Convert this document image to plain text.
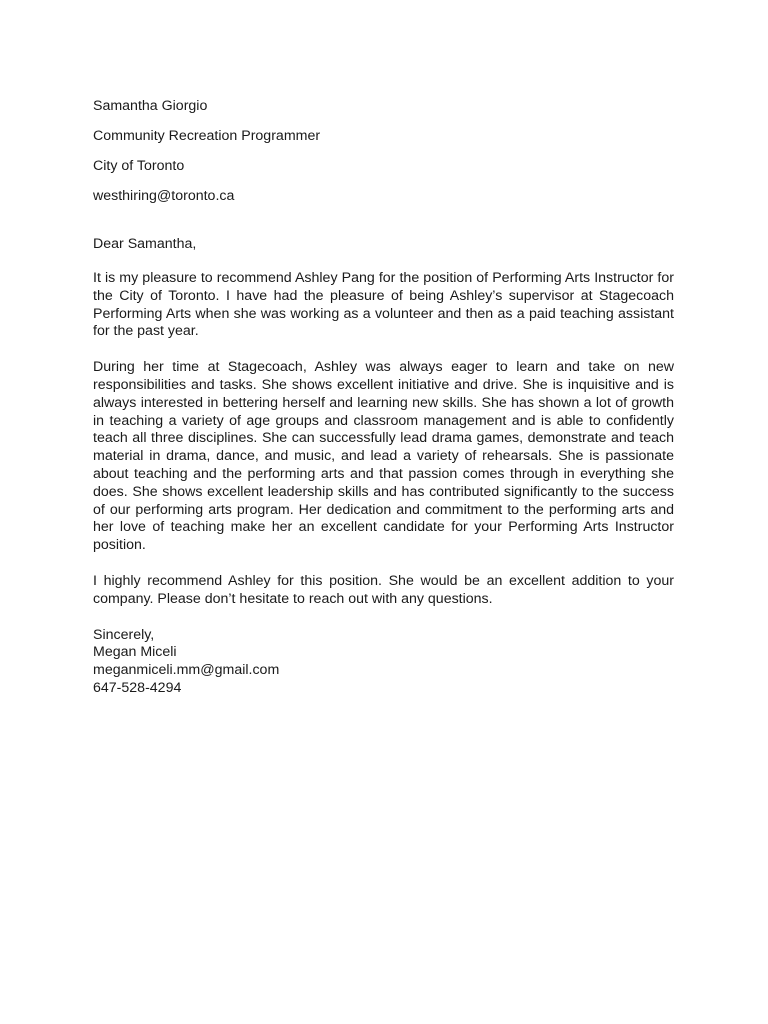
Samantha Giorgio
Community Recreation Programmer
City of Toronto
westhiring@toronto.ca
Dear Samantha,

It is my pleasure to recommend Ashley Pang for the position of Performing Arts Instructor for the City of Toronto. I have had the pleasure of being Ashley’s supervisor at Stagecoach Performing Arts when she was working as a volunteer and then as a paid teaching assistant for the past year.

During her time at Stagecoach, Ashley was always eager to learn and take on new responsibilities and tasks. She shows excellent initiative and drive. She is inquisitive and is always interested in bettering herself and learning new skills. She has shown a lot of growth in teaching a variety of age groups and classroom management and is able to confidently teach all three disciplines. She can successfully lead drama games, demonstrate and teach material in drama, dance, and music, and lead a variety of rehearsals. She is passionate about teaching and the performing arts and that passion comes through in everything she does. She shows excellent leadership skills and has contributed significantly to the success of our performing arts program. Her dedication and commitment to the performing arts and her love of teaching make her an excellent candidate for your Performing Arts Instructor position.

I highly recommend Ashley for this position. She would be an excellent addition to your company. Please don’t hesitate to reach out with any questions.

Sincerely,
Megan Miceli
meganmiceli.mm@gmail.com
647-528-4294
